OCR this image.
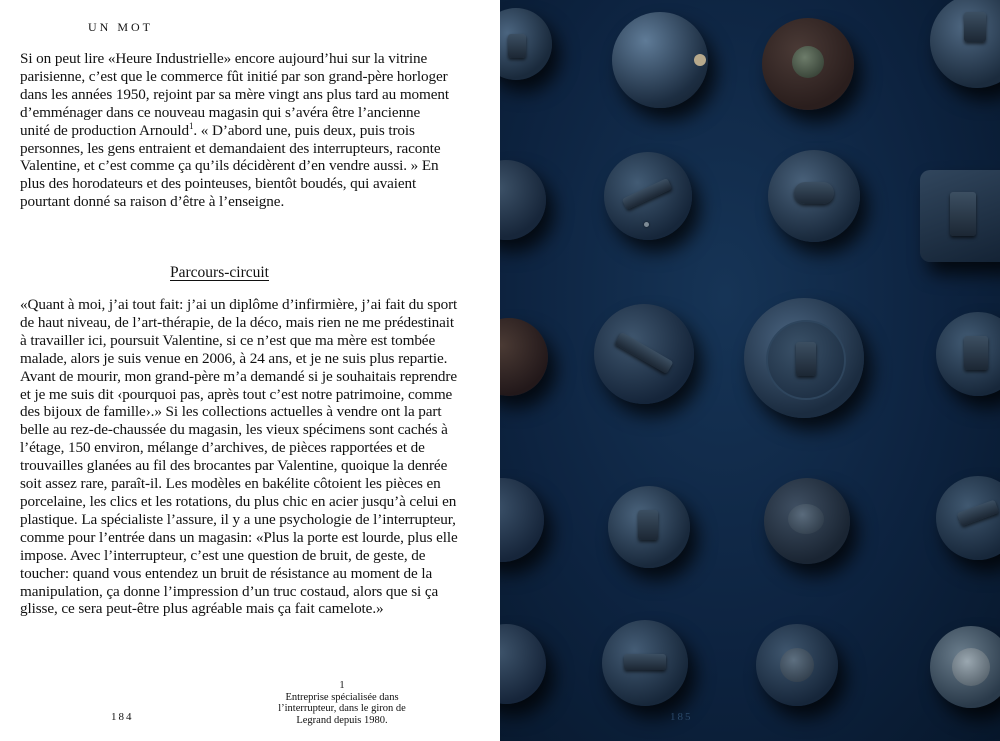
UN MOT

Si on peut lire «Heure Industrielle» encore aujourd’hui sur la vitrine parisienne, c’est que le commerce fût initié par son grand-père horloger dans les années 1950, rejoint par sa mère vingt ans plus tard au moment d’emménager dans ce nouveau magasin qui s’avéra être l’ancienne unité de production Arnould$^1$. « D’abord une, puis deux, puis trois personnes, les gens entraient et demandaient des interrupteurs, raconte Valentine, et c’est comme ça qu’ils décidèrent d’en vendre aussi. » En plus des horodateurs et des pointeuses, bientôt boudés, qui avaient pourtant donné sa raison d’être à l’enseigne.

Parcours-circuit

«Quant à moi, j’ai tout fait: j’ai un diplôme d’infirmière, j’ai fait du sport de haut niveau, de l’art-thérapie, de la déco, mais rien ne me prédestinait à travailler ici, poursuit Valentine, si ce n’est que ma mère est tombée malade, alors je suis venue en 2006, à 24 ans, et je ne suis plus repartie. Avant de mourir, mon grand-père m’a demandé si je souhaitais reprendre et je me suis dit ‹pourquoi pas, après tout c’est notre patrimoine, comme des bijoux de famille›.» Si les collections actuelles à vendre ont la part belle au rez-de-chaussée du magasin, les vieux spécimens sont cachés à l’étage, 150 environ, mélange d’archives, de pièces rapportées et de trouvailles glanées au fil des brocantes par Valentine, quoique la denrée soit assez rare, paraît-il. Les modèles en bakélite côtoient les pièces en porcelaine, les clics et les rotations, du plus chic en acier jusqu’à celui en plastique. La spécialiste l’assure, il y a une psychologie de l’interrupteur, comme pour l’entrée dans un magasin: «Plus la porte est lourde, plus elle impose. Avec l’interrupteur, c’est une question de bruit, de geste, de toucher: quand vous entendez un bruit de résistance au moment de la manipulation, ça donne l’impression d’un truc costaud, alors que si ça glisse, ce sera peut-être plus agréable mais ça fait camelote.»

1
Entreprise spécialisée dans l’interrupteur, dans le giron de Legrand depuis 1980.
184	185
